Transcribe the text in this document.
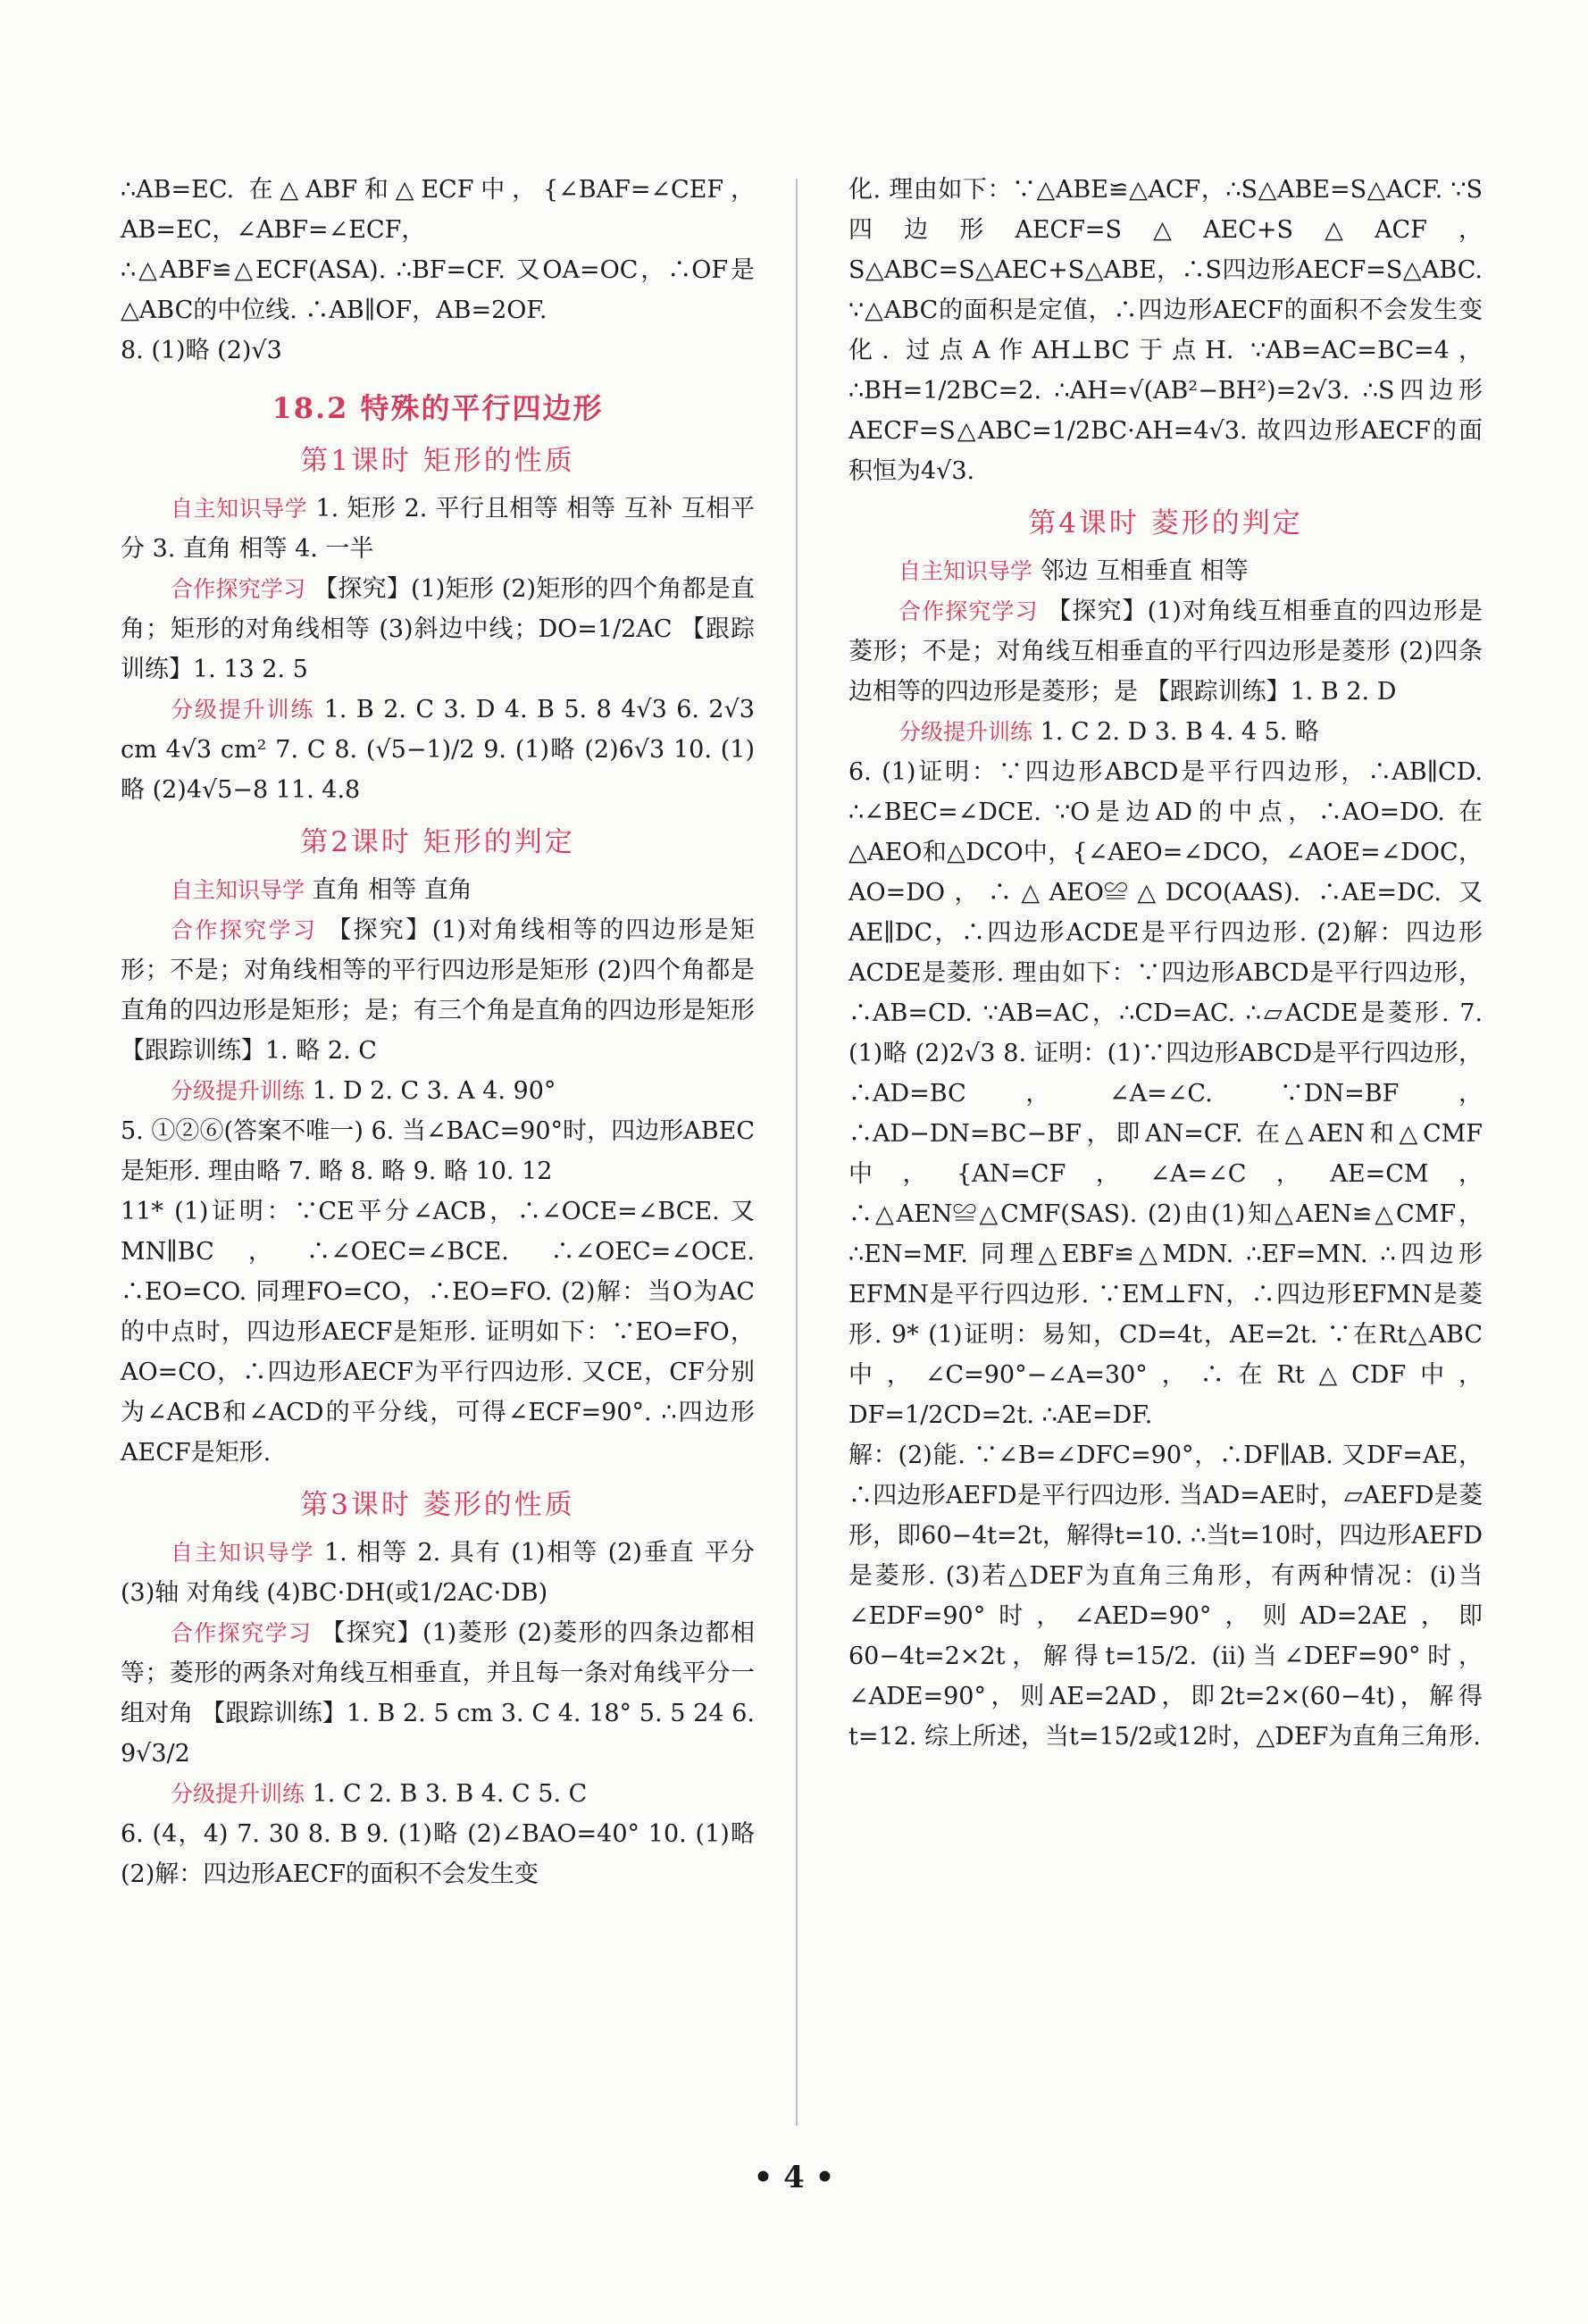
∴AB=EC. 在△ABF和△ECF中，{∠BAF=∠CEF，AB=EC，∠ABF=∠ECF，

∴△ABF≌△ECF(ASA). ∴BF=CF. 又OA=OC，∴OF是△ABC的中位线. ∴AB∥OF，AB=2OF.

8. (1)略 (2)√3

18.2 特殊的平行四边形
第1课时 矩形的性质

自主知识导学 1. 矩形 2. 平行且相等 相等 互补 互相平分 3. 直角 相等 4. 一半

合作探究学习 【探究】(1)矩形 (2)矩形的四个角都是直角；矩形的对角线相等 (3)斜边中线；DO=1/2AC 【跟踪训练】1. 13 2. 5

分级提升训练 1. B 2. C 3. D 4. B 5. 8 4√3 6. 2√3 cm 4√3 cm² 7. C 8. (√5−1)/2 9. (1)略 (2)6√3 10. (1)略 (2)4√5−8 11. 4.8

第2课时 矩形的判定

自主知识导学 直角 相等 直角

合作探究学习 【探究】(1)对角线相等的四边形是矩形；不是；对角线相等的平行四边形是矩形 (2)四个角都是直角的四边形是矩形；是；有三个角是直角的四边形是矩形 【跟踪训练】1. 略 2. C

分级提升训练 1. D 2. C 3. A 4. 90°

5. ①②⑥(答案不唯一) 6. 当∠BAC=90°时，四边形ABEC是矩形. 理由略 7. 略 8. 略 9. 略 10. 12

11* (1)证明：∵CE平分∠ACB，∴∠OCE=∠BCE. 又MN∥BC，∴∠OEC=∠BCE. ∴∠OEC=∠OCE. ∴EO=CO. 同理FO=CO，∴EO=FO. (2)解：当O为AC的中点时，四边形AECF是矩形. 证明如下：∵EO=FO，AO=CO，∴四边形AECF为平行四边形. 又CE，CF分别为∠ACB和∠ACD的平分线，可得∠ECF=90°. ∴四边形AECF是矩形.

第3课时 菱形的性质

自主知识导学 1. 相等 2. 具有 (1)相等 (2)垂直 平分 (3)轴 对角线 (4)BC·DH(或1/2AC·DB)

合作探究学习 【探究】(1)菱形 (2)菱形的四条边都相等；菱形的两条对角线互相垂直，并且每一条对角线平分一组对角 【跟踪训练】1. B 2. 5 cm 3. C 4. 18° 5. 5 24 6. 9√3/2

分级提升训练 1. C 2. B 3. B 4. C 5. C

6. (4，4) 7. 30 8. B 9. (1)略 (2)∠BAO=40° 10. (1)略 (2)解：四边形AECF的面积不会发生变

化. 理由如下：∵△ABE≌△ACF，∴S△ABE=S△ACF. ∵S四边形AECF=S△AEC+S△ACF，S△ABC=S△AEC+S△ABE，∴S四边形AECF=S△ABC. ∵△ABC的面积是定值，∴四边形AECF的面积不会发生变化. 过点A作AH⊥BC于点H. ∵AB=AC=BC=4，∴BH=1/2BC=2. ∴AH=√(AB²−BH²)=2√3. ∴S四边形AECF=S△ABC=1/2BC·AH=4√3. 故四边形AECF的面积恒为4√3.

第4课时 菱形的判定

自主知识导学 邻边 互相垂直 相等

合作探究学习 【探究】(1)对角线互相垂直的四边形是菱形；不是；对角线互相垂直的平行四边形是菱形 (2)四条边相等的四边形是菱形；是 【跟踪训练】1. B 2. D

分级提升训练 1. C 2. D 3. B 4. 4 5. 略

6. (1)证明：∵四边形ABCD是平行四边形，∴AB∥CD. ∴∠BEC=∠DCE. ∵O是边AD的中点，∴AO=DO. 在△AEO和△DCO中，{∠AEO=∠DCO，∠AOE=∠DOC，AO=DO，∴△AEO≌△DCO(AAS). ∴AE=DC. 又AE∥DC，∴四边形ACDE是平行四边形. (2)解：四边形ACDE是菱形. 理由如下：∵四边形ABCD是平行四边形，∴AB=CD. ∵AB=AC，∴CD=AC. ∴▱ACDE是菱形. 7. (1)略 (2)2√3 8. 证明：(1)∵四边形ABCD是平行四边形，∴AD=BC，∠A=∠C. ∵DN=BF，∴AD−DN=BC−BF，即AN=CF. 在△AEN和△CMF中，{AN=CF，∠A=∠C，AE=CM，∴△AEN≌△CMF(SAS). (2)由(1)知△AEN≌△CMF，∴EN=MF. 同理△EBF≌△MDN. ∴EF=MN. ∴四边形EFMN是平行四边形. ∵EM⊥FN，∴四边形EFMN是菱形. 9* (1)证明：易知，CD=4t，AE=2t. ∵在Rt△ABC中，∠C=90°−∠A=30°，∴在Rt△CDF中，DF=1/2CD=2t. ∴AE=DF.

解：(2)能. ∵∠B=∠DFC=90°，∴DF∥AB. 又DF=AE，∴四边形AEFD是平行四边形. 当AD=AE时，▱AEFD是菱形，即60−4t=2t，解得t=10. ∴当t=10时，四边形AEFD是菱形. (3)若△DEF为直角三角形，有两种情况：(i)当∠EDF=90°时，∠AED=90°，则AD=2AE，即60−4t=2×2t，解得t=15/2. (ii)当∠DEF=90°时，∠ADE=90°，则AE=2AD，即2t=2×(60−4t)，解得t=12. 综上所述，当t=15/2或12时，△DEF为直角三角形.

• 4 •
